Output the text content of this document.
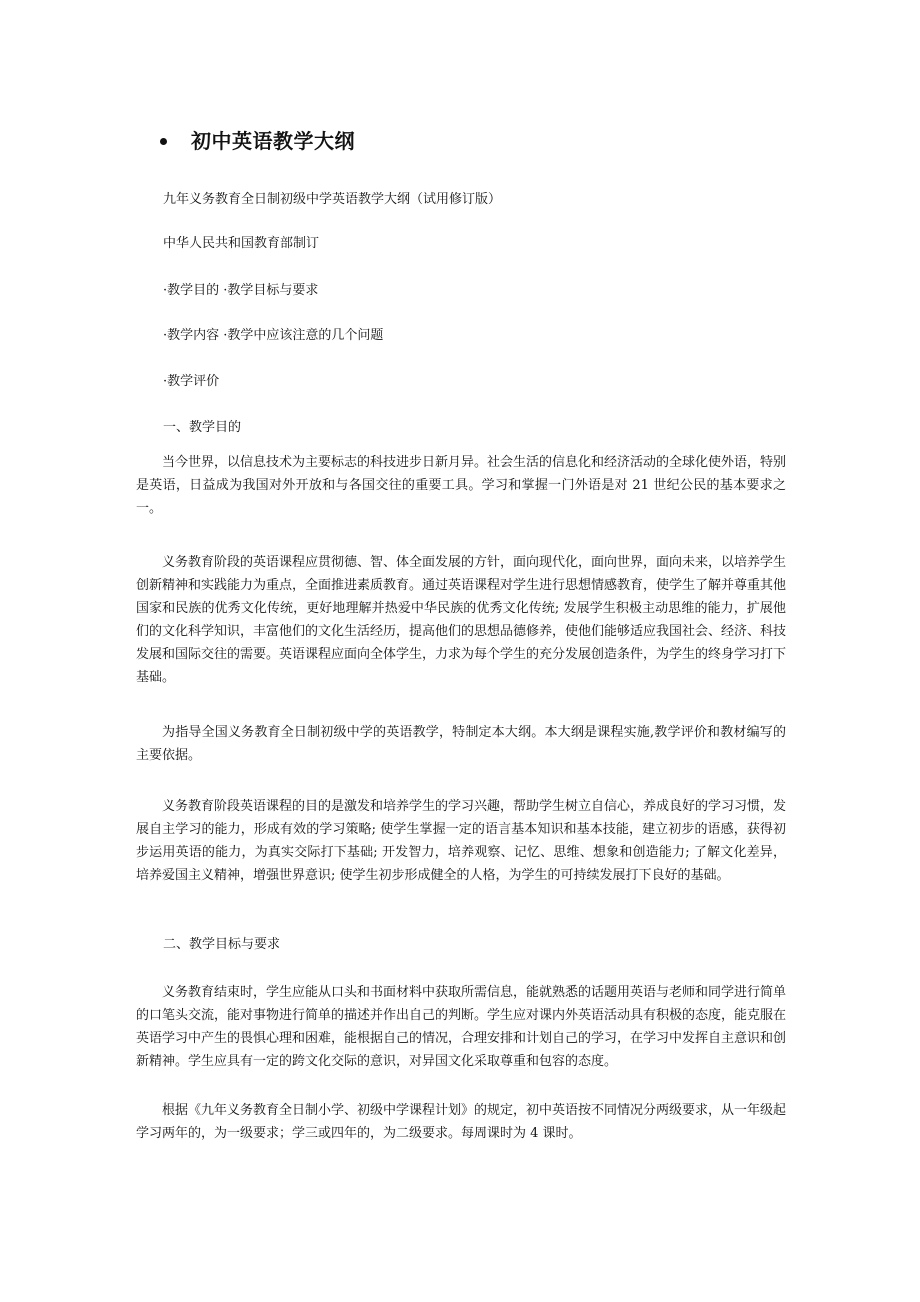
初中英语教学大纲
九年义务教育全日制初级中学英语教学大纲（试用修订版）
中华人民共和国教育部制订
·教学目的 ·教学目标与要求
·教学内容 ·教学中应该注意的几个问题
·教学评价
一、教学目的

当今世界，以信息技术为主要标志的科技进步日新月异。社会生活的信息化和经济活动的全球化使外语，特别是英语，日益成为我国对外开放和与各国交往的重要工具。学习和掌握一门外语是对 21 世纪公民的基本要求之一。

义务教育阶段的英语课程应贯彻德、智、体全面发展的方针，面向现代化，面向世界，面向未来，以培养学生创新精神和实践能力为重点，全面推进素质教育。通过英语课程对学生进行思想情感教育，使学生了解并尊重其他国家和民族的优秀文化传统，更好地理解并热爱中华民族的优秀文化传统; 发展学生积极主动思维的能力，扩展他们的文化科学知识，丰富他们的文化生活经历，提高他们的思想品德修养，使他们能够适应我国社会、经济、科技发展和国际交往的需要。英语课程应面向全体学生，力求为每个学生的充分发展创造条件，为学生的终身学习打下基础。

为指导全国义务教育全日制初级中学的英语教学，特制定本大纲。本大纲是课程实施,教学评价和教材编写的主要依据。

义务教育阶段英语课程的目的是激发和培养学生的学习兴趣，帮助学生树立自信心，养成良好的学习习惯，发展自主学习的能力，形成有效的学习策略; 使学生掌握一定的语言基本知识和基本技能，建立初步的语感，获得初步运用英语的能力，为真实交际打下基础; 开发智力，培养观察、记忆、思维、想象和创造能力; 了解文化差异，培养爱国主义精神，增强世界意识; 使学生初步形成健全的人格，为学生的可持续发展打下良好的基础。

二、教学目标与要求

义务教育结束时，学生应能从口头和书面材料中获取所需信息，能就熟悉的话题用英语与老师和同学进行简单的口笔头交流，能对事物进行简单的描述并作出自己的判断。学生应对课内外英语活动具有积极的态度，能克服在英语学习中产生的畏惧心理和困难，能根据自己的情况，合理安排和计划自己的学习，在学习中发挥自主意识和创新精神。学生应具有一定的跨文化交际的意识，对异国文化采取尊重和包容的态度。

根据《九年义务教育全日制小学、初级中学课程计划》的规定，初中英语按不同情况分两级要求，从一年级起学习两年的，为一级要求；学三或四年的，为二级要求。每周课时为 4 课时。
